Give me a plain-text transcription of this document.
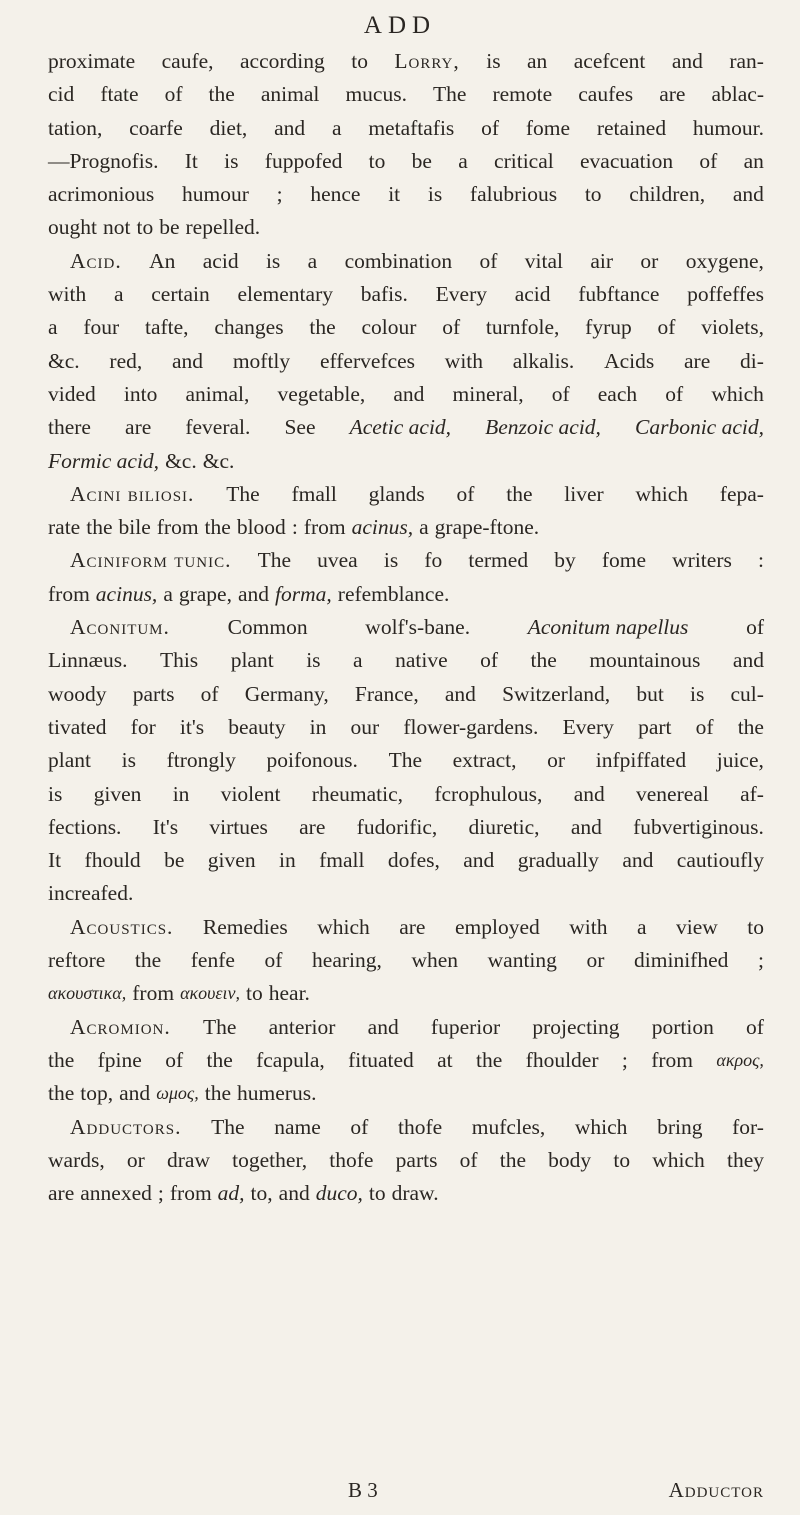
ADD
proximate caufe, according to Lorry, is an acefcent and ran-
cid ftate of the animal mucus. The remote caufes are ablac-
tation, coarfe diet, and a metaftafis of fome retained humour.
—Prognofis. It is fuppofed to be a critical evacuation of an
acrimonious humour ; hence it is falubrious to children, and
ought not to be repelled.
Acid. An acid is a combination of vital air or oxygene,
with a certain elementary bafis. Every acid fubftance poffeffes
a four tafte, changes the colour of turnfole, fyrup of violets,
&c. red, and moftly effervefces with alkalis. Acids are di-
vided into animal, vegetable, and mineral, of each of which
there are feveral. See Acetic acid, Benzoic acid, Carbonic acid,
Formic acid, &c. &c.
Acini biliosi. The fmall glands of the liver which fepa-
rate the bile from the blood : from acinus, a grape-ftone.
Aciniform tunic. The uvea is fo termed by fome writers :
from acinus, a grape, and forma, refemblance.
Aconitum.	Common	wolf's-bane.	Aconitum napellus	of
Linnæus. This plant is a native of the mountainous and
woody parts of Germany, France, and Switzerland, but is cul-
tivated for it's beauty in our flower-gardens. Every part of the
plant is ftrongly poifonous. The extract, or infpiffated juice,
is given in violent rheumatic, fcrophulous, and venereal af-
fections. It's virtues are fudorific, diuretic, and fubvertiginous.
It fhould be given in fmall dofes, and gradually and cautioufly
increafed.
Acoustics. Remedies which are employed with a view to
reftore the fenfe of hearing, when wanting or diminifhed ;
ακουστικα, from ακουειν, to hear.
Acromion. The anterior and fuperior projecting portion of
the fpine of the fcapula, fituated at the fhoulder ; from ακρος,
the top, and ωμος, the humerus.
Adductors. The name of thofe mufcles, which bring for-
wards, or draw together, thofe parts of the body to which they
are annexed ; from ad, to, and duco, to draw.
B 3	Adductor
